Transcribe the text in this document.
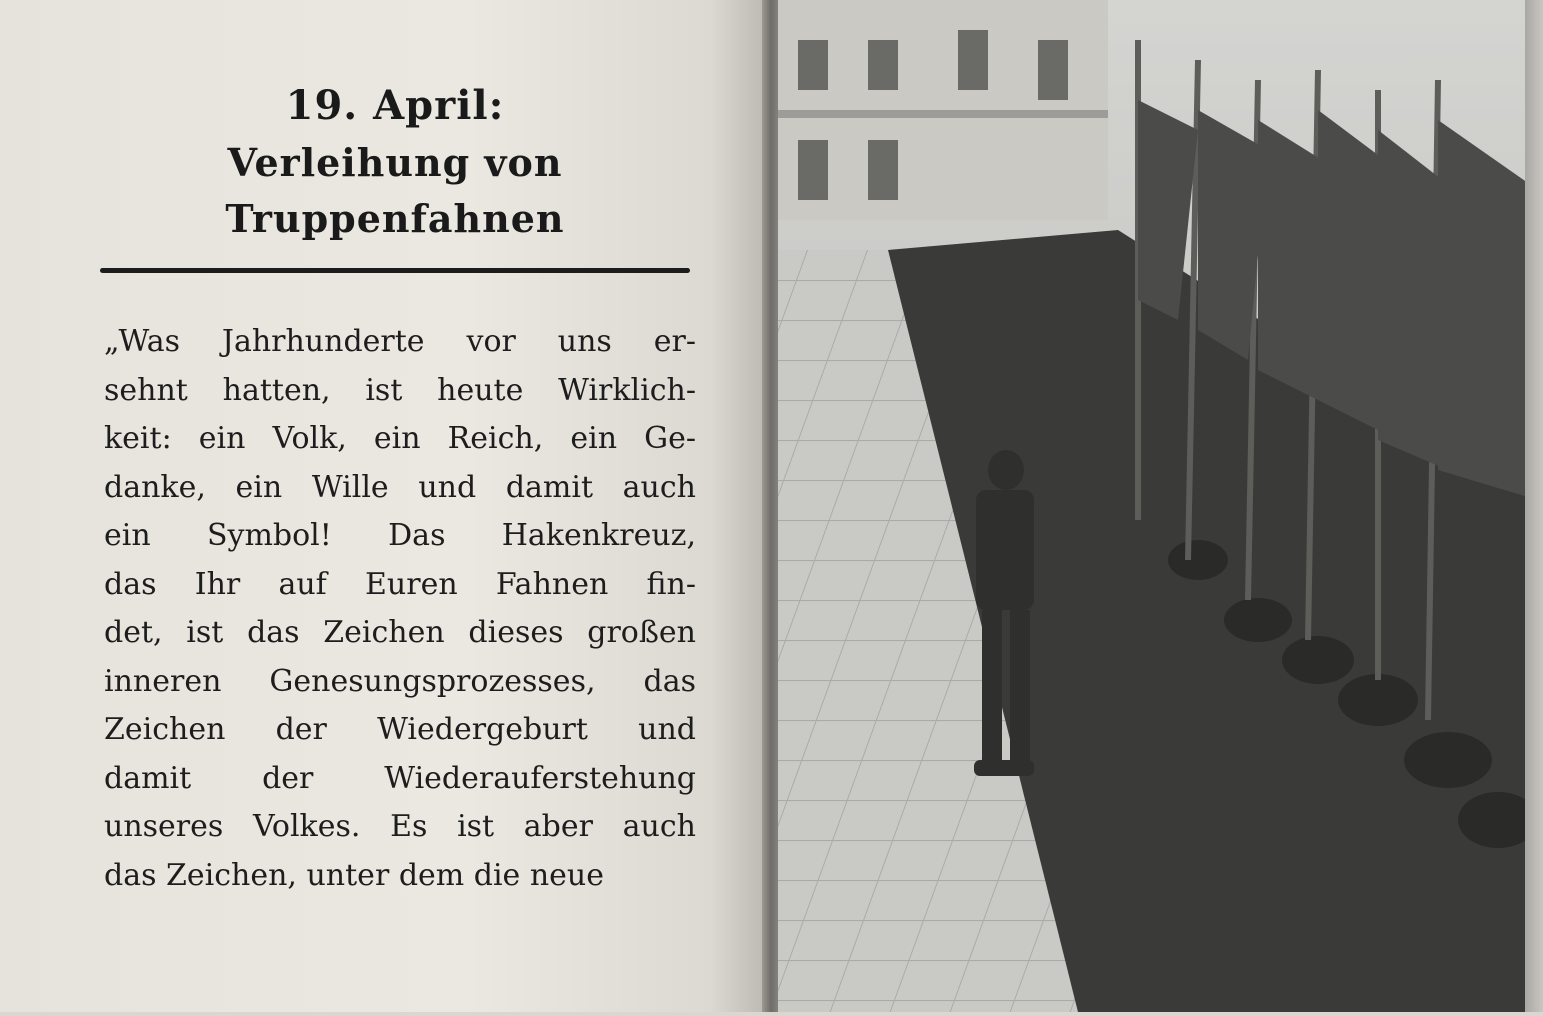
19. April:
Verleihung von
Truppenfahnen
„Was Jahrhunderte vor uns er-
sehnt hatten, ist heute Wirklich-
keit: ein Volk, ein Reich, ein Ge-
danke, ein Wille und damit auch
ein Symbol! Das Hakenkreuz,
das Ihr auf Euren Fahnen fin-
det, ist das Zeichen dieses großen
inneren Genesungsprozesses, das
Zeichen der Wiedergeburt und
damit der Wiederauferstehung
unseres Volkes. Es ist aber auch
das Zeichen, unter dem die neue
